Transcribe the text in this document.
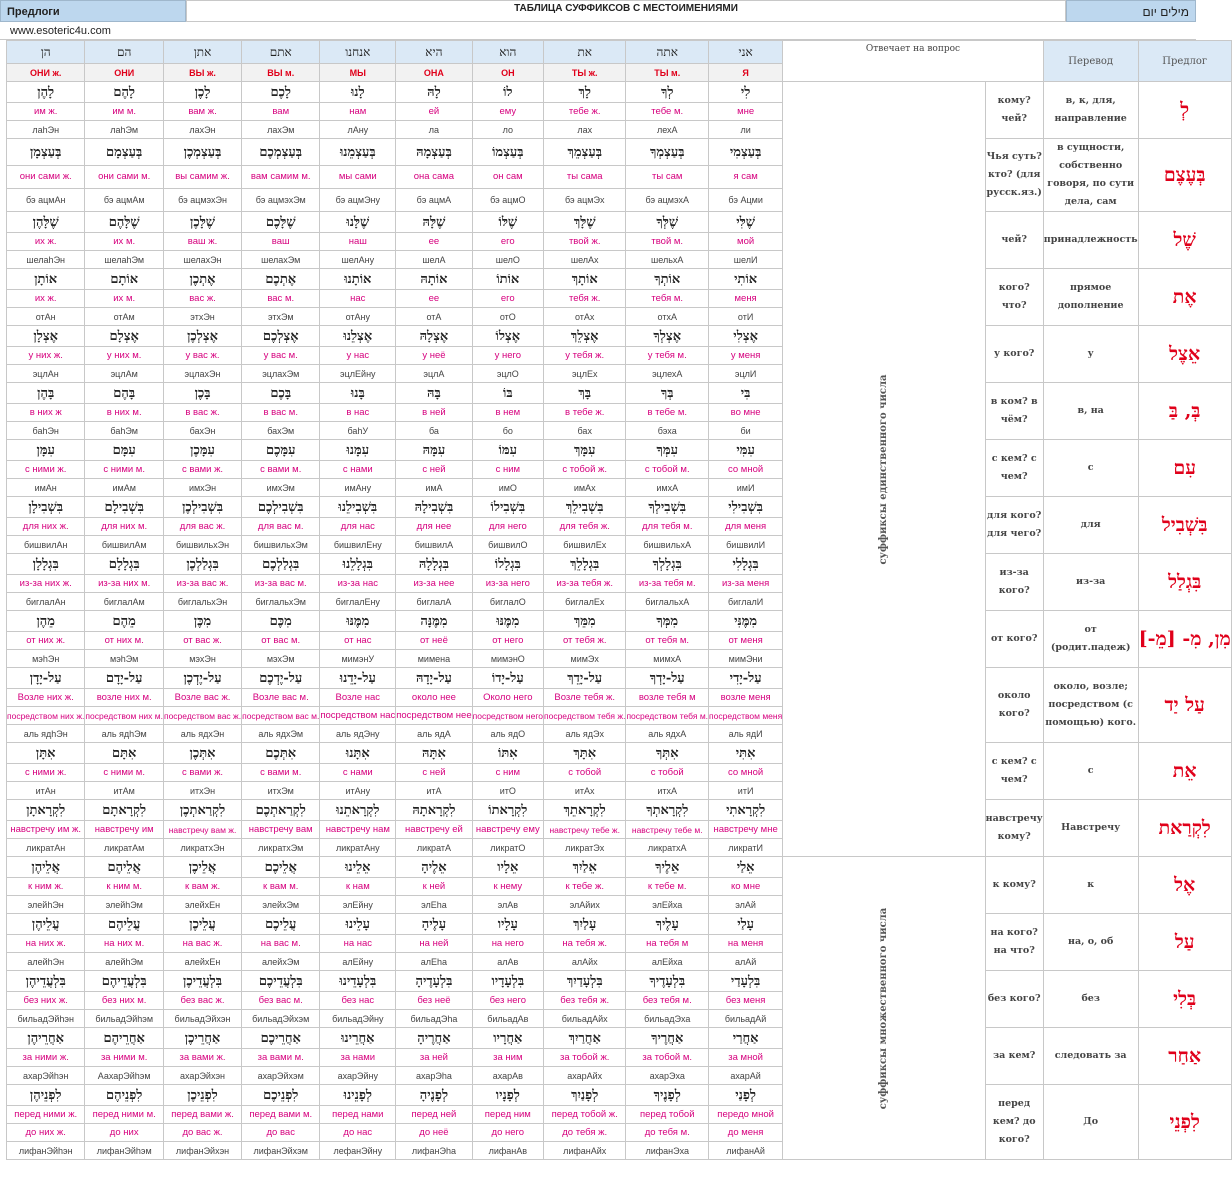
Предлоги	ТАБЛИЦА СУФФИКСОВ С МЕСТОИМЕНИЯМИ	מילים יום
www.esoteric4u.com
הן	הם	אתן	אתם	אנחנו	היא	הוא	את	אתה	אני	Отвечает на вопрос		Перевод	Предлог
ОНИ ж.	ОНИ	ВЫ ж.	ВЫ м.	МЫ	ОНА	ОН	ТЫ ж.	ТЫ м.	Я				
לָהֶן	לָהֶם	לָכֶן	לָכֶם	לָנוּ	לָהּ	לוֹ	לָךְ	לְךָ	לִי	суффиксы единственного числа	кому? чей?	в, к, для, направление	לְ
им ж.	им м.	вам ж.	вам	нам	ей	ему	тебе ж.	тебе м.	мне				
лаhЭн	лаhЭм	лахЭн	лахЭм	лАну	ла	ло	лах	лехА	ли				
בְּעַצְמָן	בְּעַצְמָם	בְּעַצְמְכֶן	בְּעַצְמְכֶם	בְּעַצְמֵנוּ	בְּעַצְמָהּ	בְּעַצְמוֹ	בְּעַצְמֵךְ	בְּעַצְמְךָ	בְּעַצְמִי		Чья суть? кто? (для русск.яз.)	в сущности, собственно говоря, по сути дела, сам	בְּעֶצֶם
они сами ж.	они сами м.	вы самим ж.	вам самим м.	мы сами	она сама	он сам	ты сама	ты сам	я сам				
бэ ацмАн	бэ ацмАм	бэ ацмэхЭн	бэ ацмэхЭм	бэ ацмЭну	бэ ацмА	бэ ацмО	бэ ацмЭх	бэ ацмэхА	бэ Ацми				
שֶׁלָּהֶן	שֶׁלָּהֶם	שֶׁלָּכֶן	שֶׁלָּכֶם	שֶׁלָּנוּ	שֶׁלָּהּ	שֶׁלּוֹ	שֶׁלָּךְ	שֶׁלְּךָ	שֶׁלִּי		чей?	принадлежность	שֶׁל
их ж.	их м.	ваш ж.	ваш	наш	ее	его	твой ж.	твой м.	мой				
шелаhЭн	шелаhЭм	шелахЭн	шелахЭм	шелАну	шелА	шелО	шелАх	шельхА	шелИ				
אוֹתָן	אוֹתָם	אֶתְכֶן	אֶתְכֶם	אוֹתָנוּ	אוֹתָהּ	אוֹתוֹ	אוֹתָךְ	אוֹתְךָ	אוֹתִי		кого? что?	прямое дополнение	אֶת
их ж.	их м.	вас ж.	вас м.	нас	ее	его	тебя ж.	тебя м.	меня				
отАн	отАм	этхЭн	этхЭм	отАну	отА	отО	отАх	отхА	отИ				
אֶצְלָן	אֶצְלָם	אֶצְלְכֶן	אֶצְלְכֶם	אֶצְלֵנוּ	אֶצְלָהּ	אֶצְלוֹ	אֶצְלֵךְ	אֶצְלְךָ	אֶצְלִי		у кого?	у	אֵצֶל
у них ж.	у них м.	у вас ж.	у вас м.	у нас	у неё	у него	у тебя ж.	у тебя м.	у меня				
эцлАн	эцлАм	эцлахЭн	эцлахЭм	эцлЕйну	эцлА	эцлО	эцлЕх	эцлехА	эцлИ				
בָּהֶן	בָּהֶם	בָּכֶן	בָּכֶם	בָּנוּ	בָּהּ	בּוֹ	בָּךְ	בְּךָ	בִּי		в ком? в чём?	в, на	בְּ, בַּ
в них ж	в них м.	в вас ж.	в вас м.	в нас	в ней	в нем	в тебе ж.	в тебе м.	во мне				
баhЭн	баhЭм	бахЭн	бахЭм	баhУ	ба	бо	бах	бэха	би				
עִמָּן	עִמָּם	עִמָּכֶן	עִמָּכֶם	עִמָּנוּ	עִמָּהּ	עִמּוֹ	עִמָּךְ	עִמְּךָ	עִמִּי		с кем? с чем?	с	עִם
с ними ж.	с ними м.	с вами ж.	с вами м.	с нами	с ней	с ним	с тобой ж.	с тобой м.	со мной				
имАн	имАм	имхЭн	имхЭм	имАну	имА	имО	имАх	имхА	имИ				
בִּשְׁבִילָן	בִּשְׁבִילָם	בִּשְׁבִילְכֶן	בִּשְׁבִילְכֶם	בִּשְׁבִילֵנוּ	בִּשְׁבִילָהּ	בִּשְׁבִילוֹ	בִּשְׁבִילֵךְ	בִּשְׁבִילְךָ	בִּשְׁבִילִי		для кого? для чего?	для	בִּשְׁבִיל
для них ж.	для них м.	для вас ж.	для вас м.	для нас	для нее	для него	для тебя ж.	для тебя м.	для меня				
бишвилАн	бишвилАм	бишвильхЭн	бишвильхЭм	бишвилЕну	бишвилА	бишвилО	бишвилЕх	бишвильхА	бишвилИ				
בִּגְלָלָן	בִּגְלָלָם	בִּגְלַלְכֶן	בִּגְלַלְכֶם	בִּגְלָלֵנוּ	בִּגְלָלָהּ	בִּגְלָלוֹ	בִּגְלָלֵךְ	בִּגְלָלְךָ	בִּגְלָלִי		из-за кого?	из-за	בִּגְלַל
из-за них ж.	из-за них м.	из-за вас ж.	из-за вас м.	из-за нас	из-за нее	из-за него	из-за тебя ж.	из-за тебя м.	из-за меня				
биглалАн	биглалАм	биглальхЭн	биглальхЭм	биглалЕну	биглалА	биглалО	биглалЕх	биглальхА	биглалИ				
מֵהֶן	מֵהֶם	מִכֶּן	מִכֶּם	מִמֶּנּוּ	מִמֶּנָּה	מִמֶּנּוּ	מִמֵּךְ	מִמְּךָ	מִמֶּנִּי		от кого?	от (родит.падеж)	מִן, מִ- [מֵ-]
от них ж.	от них м.	от вас ж.	от вас м.	от нас	от неё	от него	от тебя ж.	от тебя м.	от меня				
мэhЭн	мэhЭм	мэхЭн	мэхЭм	мимэнУ	мимена	мимэнО	мимЭх	мимхА	мимЭни				
עַל-יָדָן	עַל-יָדָם	עַל-יֶדְכֶן	עַל-יֶדְכֶם	עַל-יָדֵנוּ	עַל-יָדָהּ	עַל-יָדוֹ	עַל-יָדֵךְ	עַל-יָדְךָ	עַל-יָדִי		около кого?	около, возле; посредством (с помощью) кого.	עַל יַד
Возле них ж.	возле них м.	Возле вас ж.	Возле вас м.	Возле нас	около нее	Около него	Возле тебя ж.	возле тебя м	возле меня				
посредством них ж.	посредством них м.	посредством вас ж.	посредством вас м.	посредством нас	посредством нее	посредством него	посредством тебя ж.	посредством тебя м.	посредством меня				
аль ядhЭн	аль ядhЭм	аль ядхЭн	аль ядхЭм	аль ядЭну	аль ядА	аль ядО	аль ядЭх	аль ядхА	аль ядИ				
אִתָּן	אִתָּם	אִתְּכֶן	אִתְּכֶם	אִתָּנוּ	אִתָּהּ	אִתּוֹ	אִתָּךְ	אִתְּךָ	אִתִּי		с кем? с чем?	с	אֵת
с ними ж.	с ними м.	с вами ж.	с вами м.	с нами	с ней	с ним	с тобой	с тобой	со мной				
итАн	итАм	итхЭн	итхЭм	итАну	итА	итО	итАх	итхА	итИ				
לִקְרָאתָן	לִקְרָאתָם	לִקְרַאתְכֶן	לִקְרַאתְכֶם	לִקְרָאתֵנוּ	לִקְרָאתָהּ	לִקְרָאתוֹ	לִקְרָאתֵךְ	לִקְרָאתְךָ	לִקְרָאתִי		навстречу кому?	Навстречу	לִקְרַאת
навстречу им ж.	навстречу им	навстречу вам ж.	навстречу вам	навстречу нам	навстречу ей	навстречу ему	навстречу тебе ж.	навстречу тебе м.	навстречу мне				
ликратАн	ликратАм	ликратхЭн	ликратхЭм	ликратАну	ликратА	ликратО	ликратЭх	ликратхА	ликратИ				
אֲלֵיהֶן	אֲלֵיהֶם	אֲלֵיכֶן	אֲלֵיכֶם	אֵלֵינוּ	אֵלֶיהָ	אֵלָיו	אֵלַיִךְ	אֵלֶיךָ	אֵלַי	суффиксы множественного числа	к кому?	к	אֶל
к ним ж.	к ним м.	к вам ж.	к вам м.	к нам	к ней	к нему	к тебе ж.	к тебе м.	ко мне				
элейhЭн	элейhЭм	элейхЕн	элейхЭм	элЕйну	элЕhа	элАв	элАйих	элЕйха	элАй				
עֲלֵיהֶן	עֲלֵיהֶם	עֲלֵיכֶן	עֲלֵיכֶם	עָלֵינוּ	עָלֶיהָ	עָלָיו	עָלַיִךְ	עָלֶיךָ	עָלַי		на кого? на что?	на, о, об	עַל
на них ж.	на них м.	на вас ж.	на вас м.	на нас	на ней	на него	на тебя ж.	на тебя м	на меня				
алейhЭн	алейhЭм	алейхЕн	алейхЭм	алЕйну	алЕhа	алАв	алАйх	алЕйха	алАй				
בִּלְעֲדֵיהֶן	בִּלְעֲדֵיהֶם	בִּלְעֲדֵיכֶן	בִּלְעֲדֵיכֶם	בִּלְעָדֵינוּ	בִּלְעָדֶיהָ	בִּלְעָדָיו	בִּלְעָדַיִךְ	בִּלְעָדֶיךָ	בִּלְעָדַי		без кого?	без	בְּלִי
без них ж.	без них м.	без вас ж.	без вас м.	без нас	без неё	без него	без тебя ж.	без тебя м.	без меня				
бильадЭйhэн	бильадЭйhэм	бильадЭйхэн	бильадЭйхэм	бильадЭйну	бильадЭhа	бильадАв	бильадАйх	бильадЭха	бильадАй				
אַחֲרֵיהֶן	אַחֲרֵיהֶם	אַחֲרֵיכֶן	אַחֲרֵיכֶם	אַחֲרֵינוּ	אַחֲרֶיהָ	אַחֲרָיו	אַחֲרַיִךְ	אַחֲרֶיךָ	אַחֲרַי		за кем?	следовать за	אַחַר
за ними ж.	за ними м.	за вами ж.	за вами м.	за нами	за ней	за ним	за тобой ж.	за тобой м.	за мной				
ахарЭйhэн	АахарЭйhэм	ахарЭйхэн	ахарЭйхэм	ахарЭйну	ахарЭhа	ахарАв	ахарАйх	ахарЭха	ахарАй				
לִפְנֵיהֶן	לִפְנֵיהֶם	לִפְנֵיכֶן	לִפְנֵיכֶם	לְפָנֵינוּ	לְפָנֶיהָ	לְפָנָיו	לְפָנַיִךְ	לְפָנֶיךָ	לְפָנַי		перед кем? до кого?	До	לִפְנֵי
перед ними ж.	перед ними м.	перед вами ж.	перед вами м.	перед нами	перед ней	перед ним	перед тобой ж.	перед тобой	передо мной				
до них ж.	до них	до вас ж.	до вас	до нас	до неё	до него	до тебя ж.	до тебя м.	до меня				
лифанЭйhэн	лифанЭйhэм	лифанЭйхэн	лифанЭйхэм	лефанЭйну	лифанЭhа	лифанАв	лифанАйх	лифанЭха	лифанАй				
